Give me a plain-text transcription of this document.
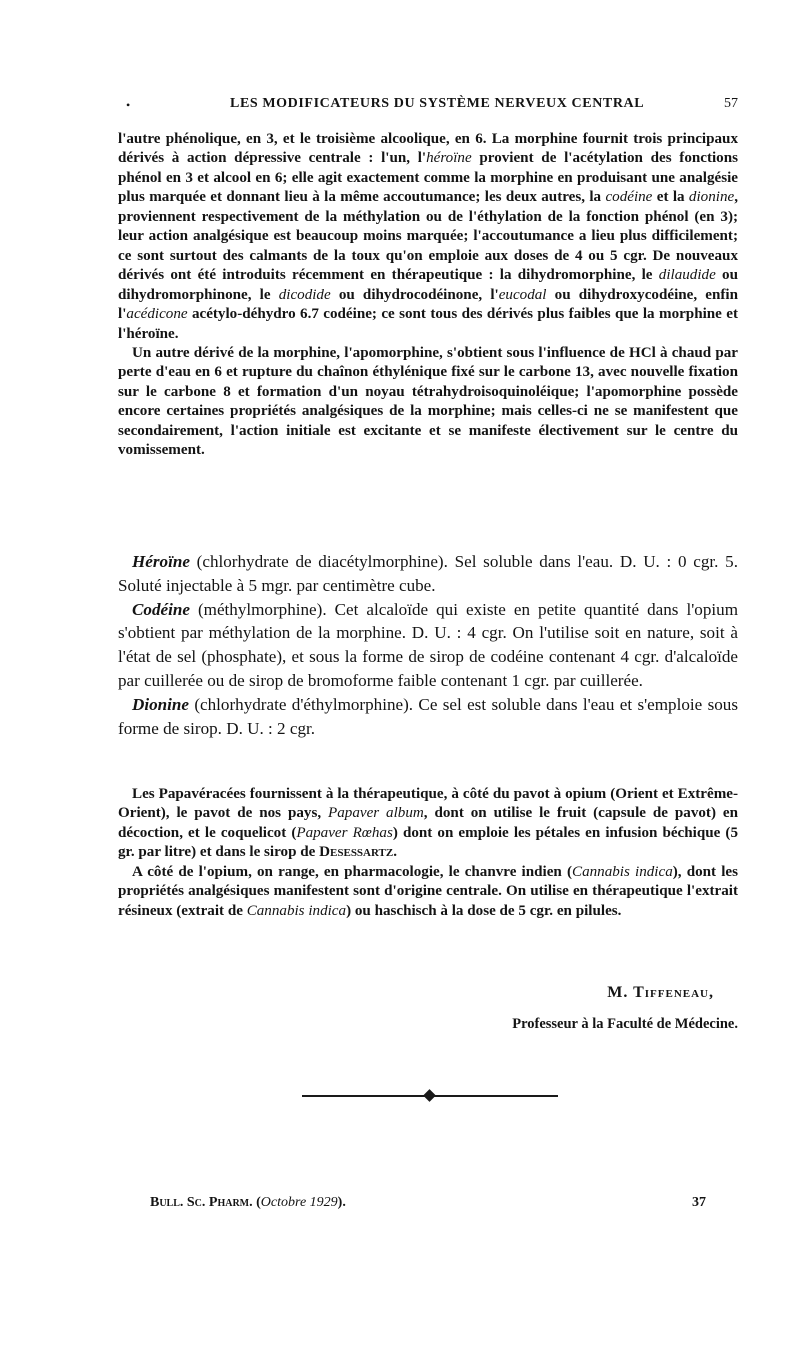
•	LES MODIFICATEURS DU SYSTÈME NERVEUX CENTRAL	57

l'autre phénolique, en 3, et le troisième alcoolique, en 6. La morphine fournit trois principaux dérivés à action dépressive centrale : l'un, l'héroïne provient de l'acétylation des fonctions phénol en 3 et alcool en 6; elle agit exactement comme la morphine en produisant une analgésie plus marquée et donnant lieu à la même accoutumance; les deux autres, la codéine et la dionine, proviennent respectivement de la méthylation ou de l'éthylation de la fonction phénol (en 3); leur action analgésique est beaucoup moins marquée; l'accoutumance a lieu plus difficilement; ce sont surtout des calmants de la toux qu'on emploie aux doses de 4 ou 5 cgr. De nouveaux dérivés ont été introduits récemment en thérapeutique : la dihydromorphine, le dilaudide ou dihydromorphinone, le dicodide ou dihydrocodéinone, l'eucodal ou dihydroxycodéine, enfin l'acédicone acétylo-déhydro 6.7 codéine; ce sont tous des dérivés plus faibles que la morphine et l'héroïne.

Un autre dérivé de la morphine, l'apomorphine, s'obtient sous l'influence de HCl à chaud par perte d'eau en 6 et rupture du chaînon éthylénique fixé sur le carbone 13, avec nouvelle fixation sur le carbone 8 et formation d'un noyau tétrahydroisoquinoléique; l'apomorphine possède encore certaines propriétés analgésiques de la morphine; mais celles-ci ne se manifestent que secondairement, l'action initiale est excitante et se manifeste électivement sur le centre du vomissement.

Héroïne (chlorhydrate de diacétylmorphine). Sel soluble dans l'eau. D. U. : 0 cgr. 5. Soluté injectable à 5 mgr. par centimètre cube.

Codéine (méthylmorphine). Cet alcaloïde qui existe en petite quantité dans l'opium s'obtient par méthylation de la morphine. D. U. : 4 cgr. On l'utilise soit en nature, soit à l'état de sel (phosphate), et sous la forme de sirop de codéine contenant 4 cgr. d'alcaloïde par cuillerée ou de sirop de bromoforme faible contenant 1 cgr. par cuillerée.

Dionine (chlorhydrate d'éthylmorphine). Ce sel est soluble dans l'eau et s'emploie sous forme de sirop. D. U. : 2 cgr.

Les Papavéracées fournissent à la thérapeutique, à côté du pavot à opium (Orient et Extrême-Orient), le pavot de nos pays, Papaver album, dont on utilise le fruit (capsule de pavot) en décoction, et le coquelicot (Papaver Rœhas) dont on emploie les pétales en infusion béchique (5 gr. par litre) et dans le sirop de Desessartz.

A côté de l'opium, on range, en pharmacologie, le chanvre indien (Cannabis indica), dont les propriétés analgésiques manifestent sont d'origine centrale. On utilise en thérapeutique l'extrait résineux (extrait de Cannabis indica) ou haschisch à la dose de 5 cgr. en pilules.

M. Tiffeneau,
Professeur à la Faculté de Médecine.
Bull. Sc. Pharm. (Octobre 1929).	37
